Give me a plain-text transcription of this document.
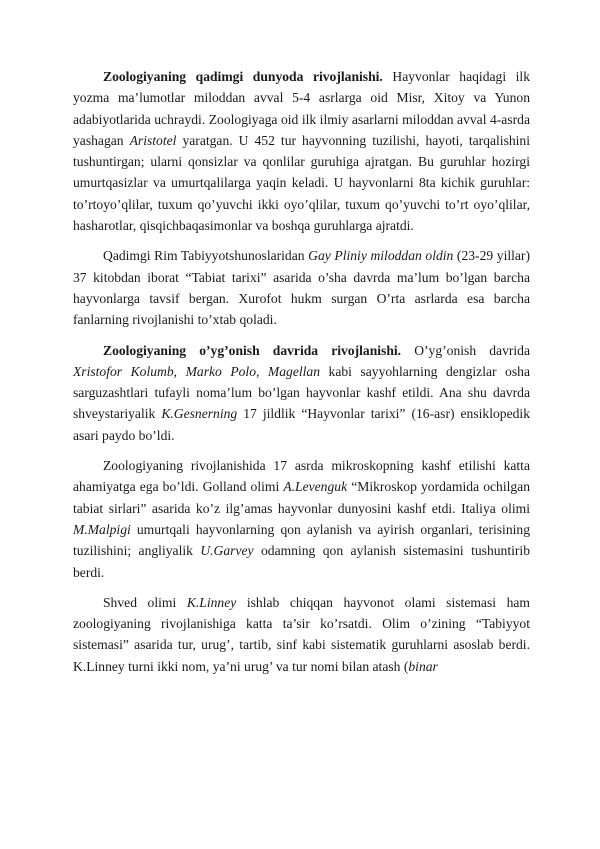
Zoologiyaning qadimgi dunyoda rivojlanishi. Hayvonlar haqidagi ilk yozma ma’lumotlar miloddan avval 5-4 asrlarga oid Misr, Xitoy va Yunon adabiyotlarida uchraydi. Zoologiyaga oid ilk ilmiy asarlarni miloddan avval 4-asrda yashagan Aristotel yaratgan. U 452 tur hayvonning tuzilishi, hayoti, tarqalishini tushuntirgan; ularni qonsizlar va qonlilar guruhiga ajratgan. Bu guruhlar hozirgi umurtqasizlar va umurtqalilarga yaqin keladi. U hayvonlarni 8ta kichik guruhlar: to’rtoyo’qlilar, tuxum qo’yuvchi ikki oyo’qlilar, tuxum qo’yuvchi to’rt oyo’qlilar, hasharotlar, qisqichbaqasimonlar va boshqa guruhlarga ajratdi.

Qadimgi Rim Tabiyyotshunoslaridan Gay Pliniy miloddan oldin (23-29 yillar) 37 kitobdan iborat “Tabiat tarixi” asarida o’sha davrda ma’lum bo’lgan barcha hayvonlarga tavsif bergan. Xurofot hukm surgan O’rta asrlarda esa barcha fanlarning rivojlanishi to’xtab qoladi.

Zoologiyaning o’yg’onish davrida rivojlanishi. O’yg’onish davrida Xristofor Kolumb, Marko Polo, Magellan kabi sayyohlarning dengizlar osha sarguzashtlari tufayli noma’lum bo’lgan hayvonlar kashf etildi. Ana shu davrda shveystariyalik K.Gesnerning 17 jildlik “Hayvonlar tarixi” (16-asr) ensiklopedik asari paydo bo’ldi.

Zoologiyaning rivojlanishida 17 asrda mikroskopning kashf etilishi katta ahamiyatga ega bo’ldi. Golland olimi A.Levenguk “Mikroskop yordamida ochilgan tabiat sirlari” asarida ko’z ilg’amas hayvonlar dunyosini kashf etdi. Italiya olimi M.Malpigi umurtqali hayvonlarning qon aylanish va ayirish organlari, terisining tuzilishini; angliyalik U.Garvey odamning qon aylanish sistemasini tushuntirib berdi.

Shved olimi K.Linney ishlab chiqqan hayvonot olami sistemasi ham zoologiyaning rivojlanishiga katta ta’sir ko’rsatdi. Olim o’zining “Tabiyyot sistemasi” asarida tur, urug’, tartib, sinf kabi sistematik guruhlarni asoslab berdi. K.Linney turni ikki nom, ya’ni urug’ va tur nomi bilan atash (binar
